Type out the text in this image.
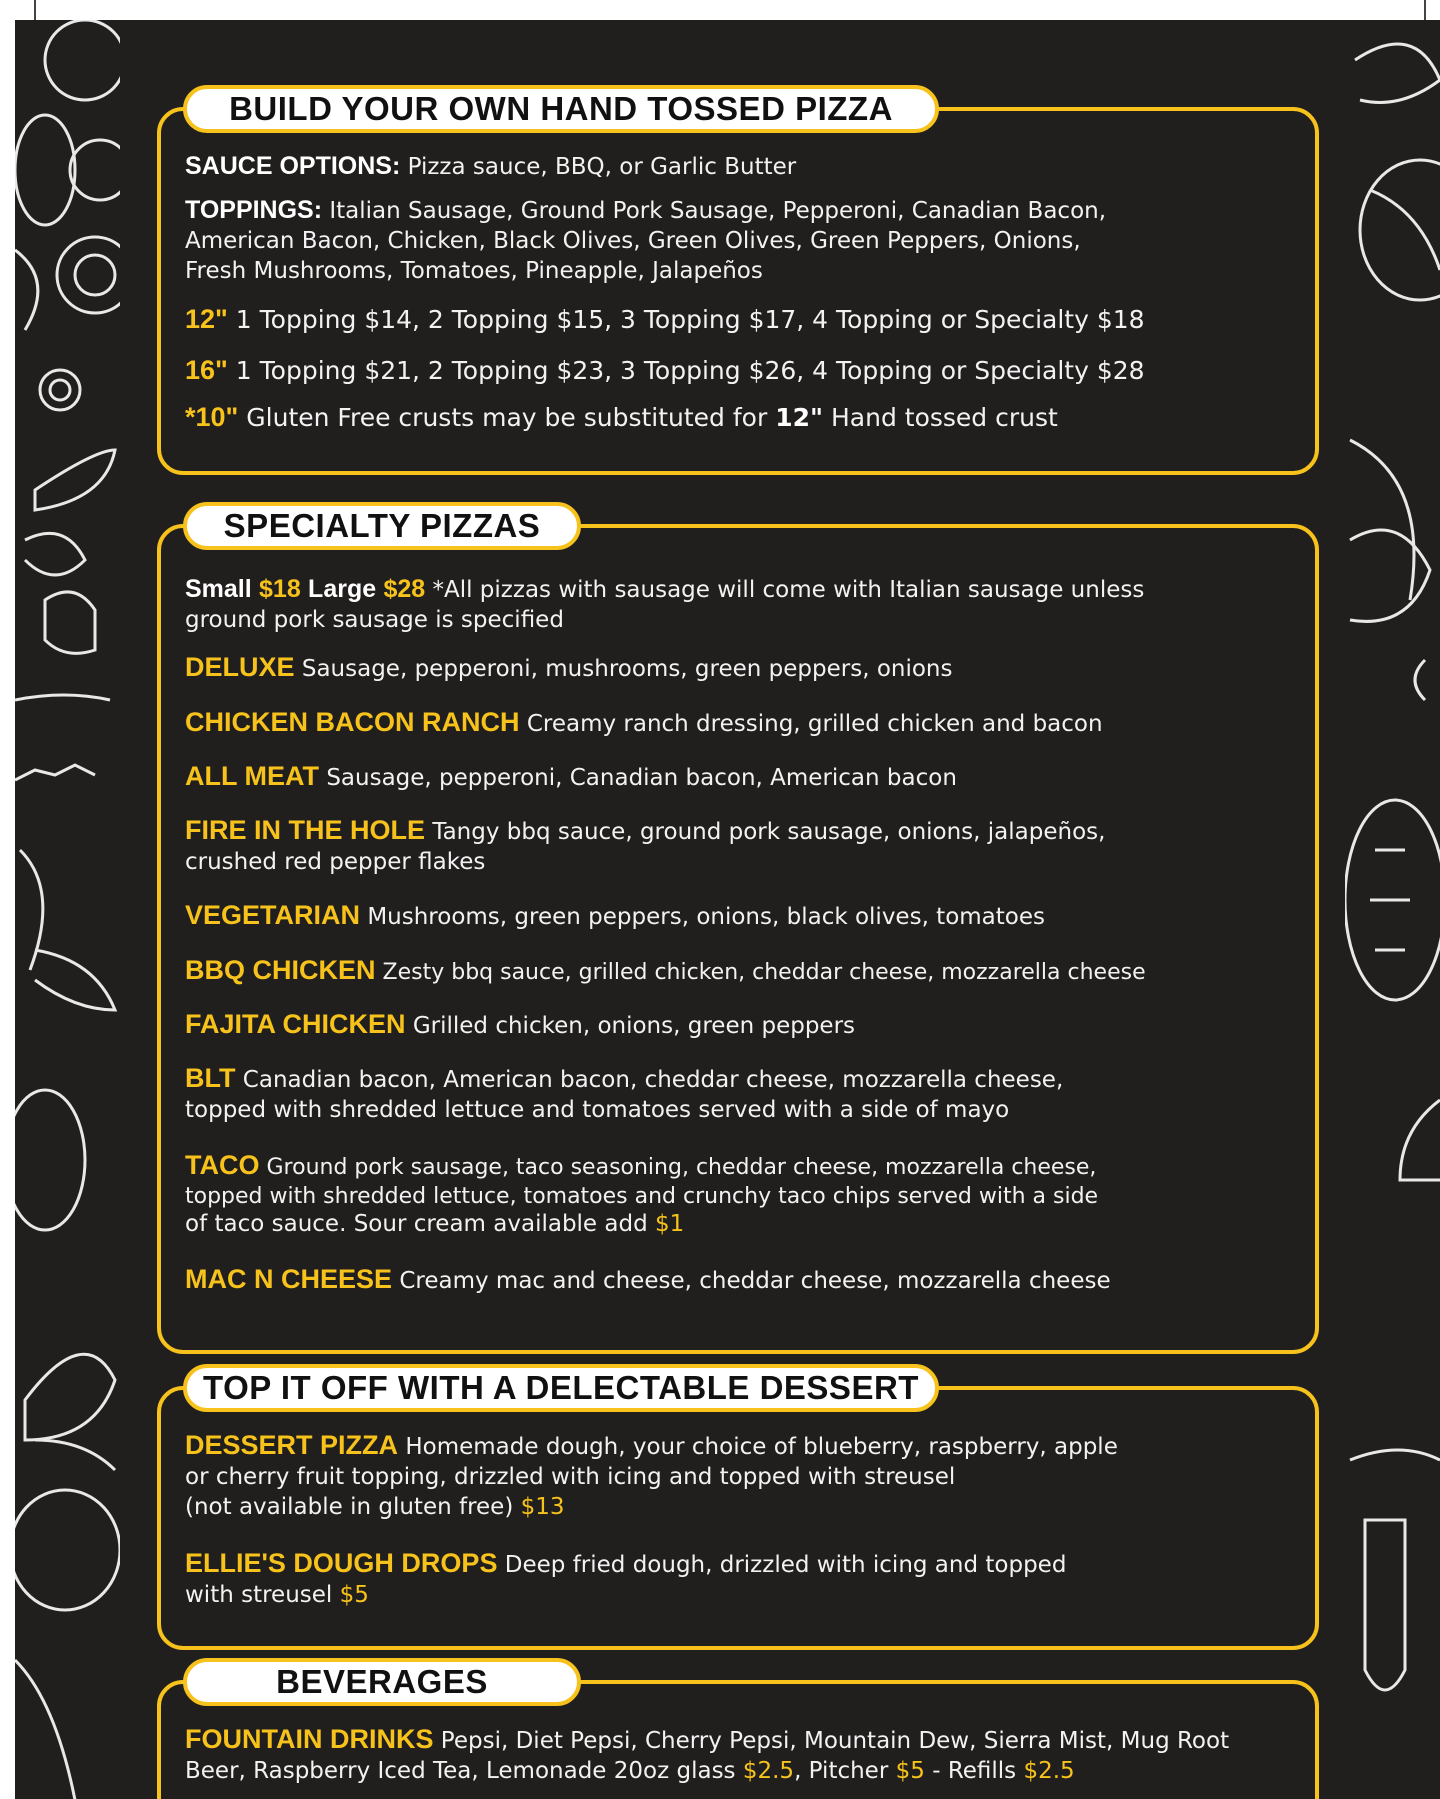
BUILD YOUR OWN HAND TOSSED PIZZA

SAUCE OPTIONS: Pizza sauce, BBQ, or Garlic Butter

TOPPINGS: Italian Sausage, Ground Pork Sausage, Pepperoni, Canadian Bacon,

American Bacon, Chicken, Black Olives, Green Olives, Green Peppers, Onions,

Fresh Mushrooms, Tomatoes, Pineapple, Jalapeños

12" 1 Topping $14, 2 Topping $15, 3 Topping $17, 4 Topping or Specialty $18

16" 1 Topping $21, 2 Topping $23, 3 Topping $26, 4 Topping or Specialty $28

*10" Gluten Free crusts may be substituted for 12" Hand tossed crust

SPECIALTY PIZZAS

Small $18 Large $28 *All pizzas with sausage will come with Italian sausage unless

ground pork sausage is specified

DELUXE Sausage, pepperoni, mushrooms, green peppers, onions

CHICKEN BACON RANCH Creamy ranch dressing, grilled chicken and bacon

ALL MEAT Sausage, pepperoni, Canadian bacon, American bacon

FIRE IN THE HOLE Tangy bbq sauce, ground pork sausage, onions, jalapeños,

crushed red pepper flakes

VEGETARIAN Mushrooms, green peppers, onions, black olives, tomatoes

BBQ CHICKEN Zesty bbq sauce, grilled chicken, cheddar cheese, mozzarella cheese

FAJITA CHICKEN Grilled chicken, onions, green peppers

BLT Canadian bacon, American bacon, cheddar cheese, mozzarella cheese,

topped with shredded lettuce and tomatoes served with a side of mayo

TACO Ground pork sausage, taco seasoning, cheddar cheese, mozzarella cheese,

topped with shredded lettuce, tomatoes and crunchy taco chips served with a side

of taco sauce. Sour cream available add $1

MAC N CHEESE Creamy mac and cheese, cheddar cheese, mozzarella cheese

TOP IT OFF WITH A DELECTABLE DESSERT

DESSERT PIZZA Homemade dough, your choice of blueberry, raspberry, apple

or cherry fruit topping, drizzled with icing and topped with streusel

(not available in gluten free) $13

ELLIE'S DOUGH DROPS Deep fried dough, drizzled with icing and topped

with streusel $5

BEVERAGES

FOUNTAIN DRINKS Pepsi, Diet Pepsi, Cherry Pepsi, Mountain Dew, Sierra Mist, Mug Root

Beer, Raspberry Iced Tea, Lemonade 20oz glass $2.5, Pitcher $5 - Refills $2.5
